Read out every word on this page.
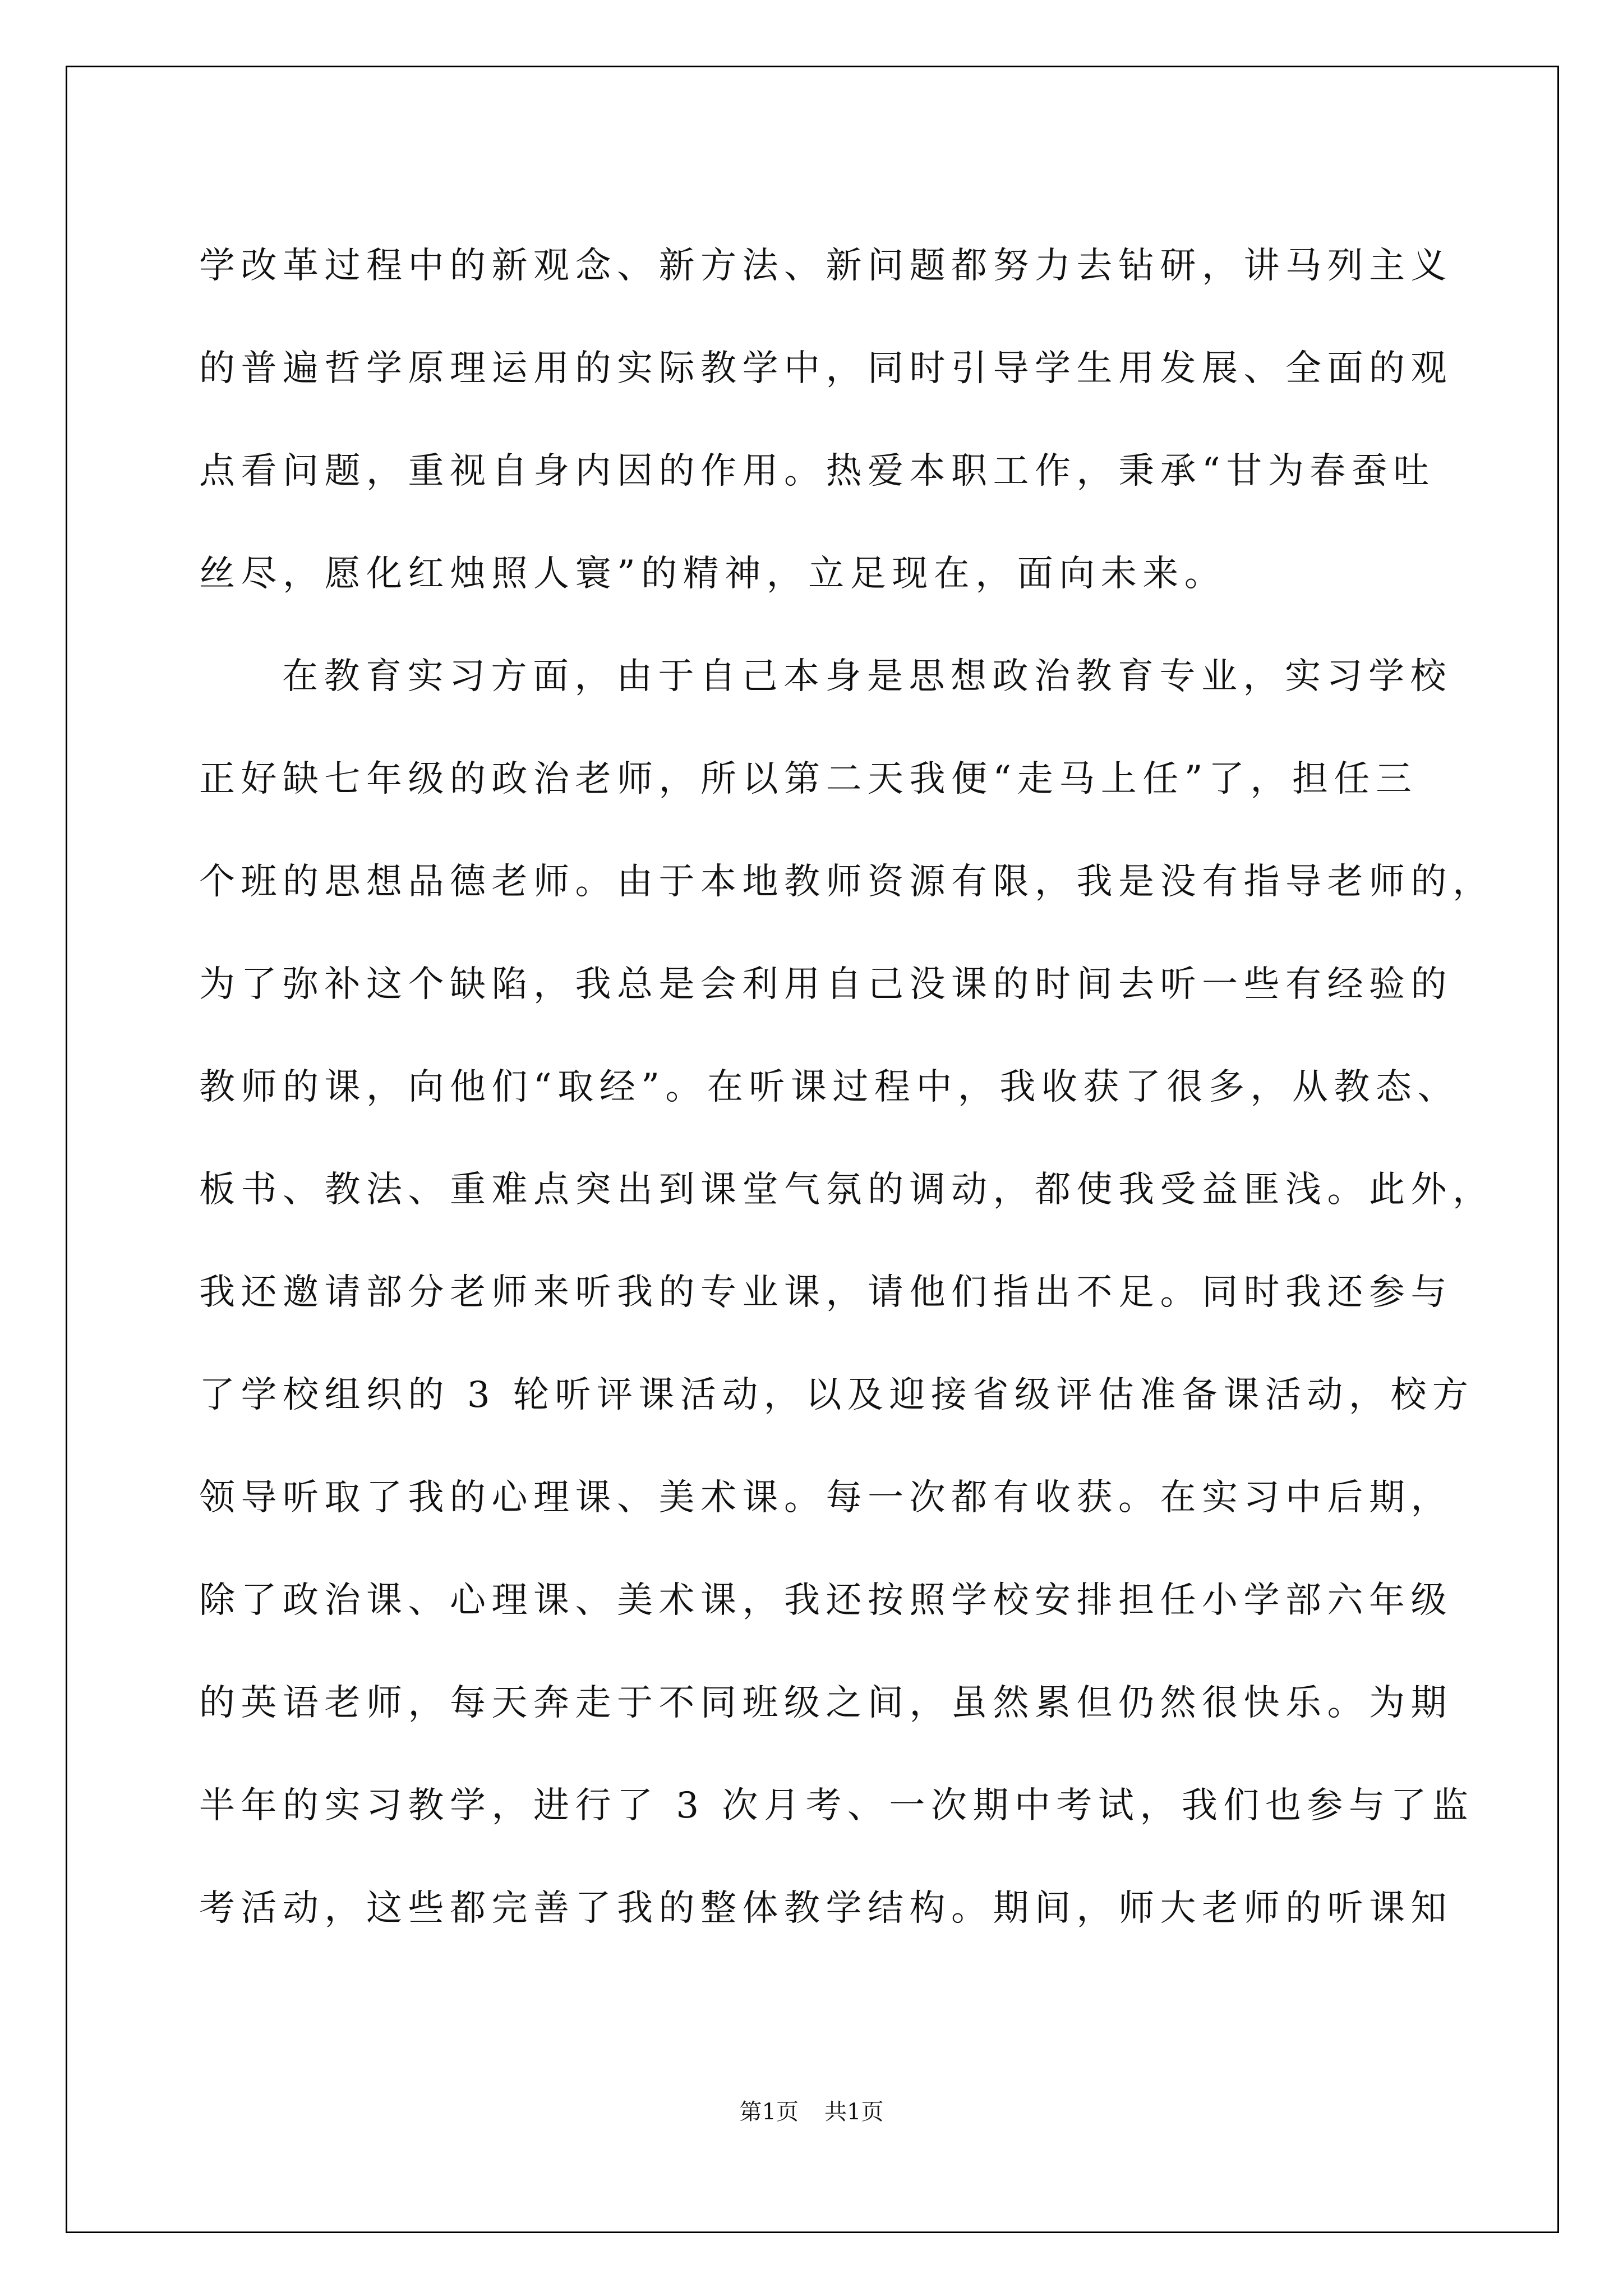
学改革过程中的新观念、新方法、新问题都努力去钻研，讲马列主义
的普遍哲学原理运用的实际教学中，同时引导学生用发展、全面的观
点看问题，重视自身内因的作用。热爱本职工作，秉承“甘为春蚕吐
丝尽，愿化红烛照人寰”的精神，立足现在，面向未来。
在教育实习方面，由于自己本身是思想政治教育专业，实习学校
正好缺七年级的政治老师，所以第二天我便“走马上任”了，担任三
个班的思想品德老师。由于本地教师资源有限，我是没有指导老师的，
为了弥补这个缺陷，我总是会利用自己没课的时间去听一些有经验的
教师的课，向他们“取经”。在听课过程中，我收获了很多，从教态、
板书、教法、重难点突出到课堂气氛的调动，都使我受益匪浅。此外，
我还邀请部分老师来听我的专业课，请他们指出不足。同时我还参与
了学校组织的 3 轮听评课活动，以及迎接省级评估准备课活动，校方
领导听取了我的心理课、美术课。每一次都有收获。在实习中后期，
除了政治课、心理课、美术课，我还按照学校安排担任小学部六年级
的英语老师，每天奔走于不同班级之间，虽然累但仍然很快乐。为期
半年的实习教学，进行了 3 次月考、一次期中考试，我们也参与了监
考活动，这些都完善了我的整体教学结构。期间，师大老师的听课知
第1页 共1页
